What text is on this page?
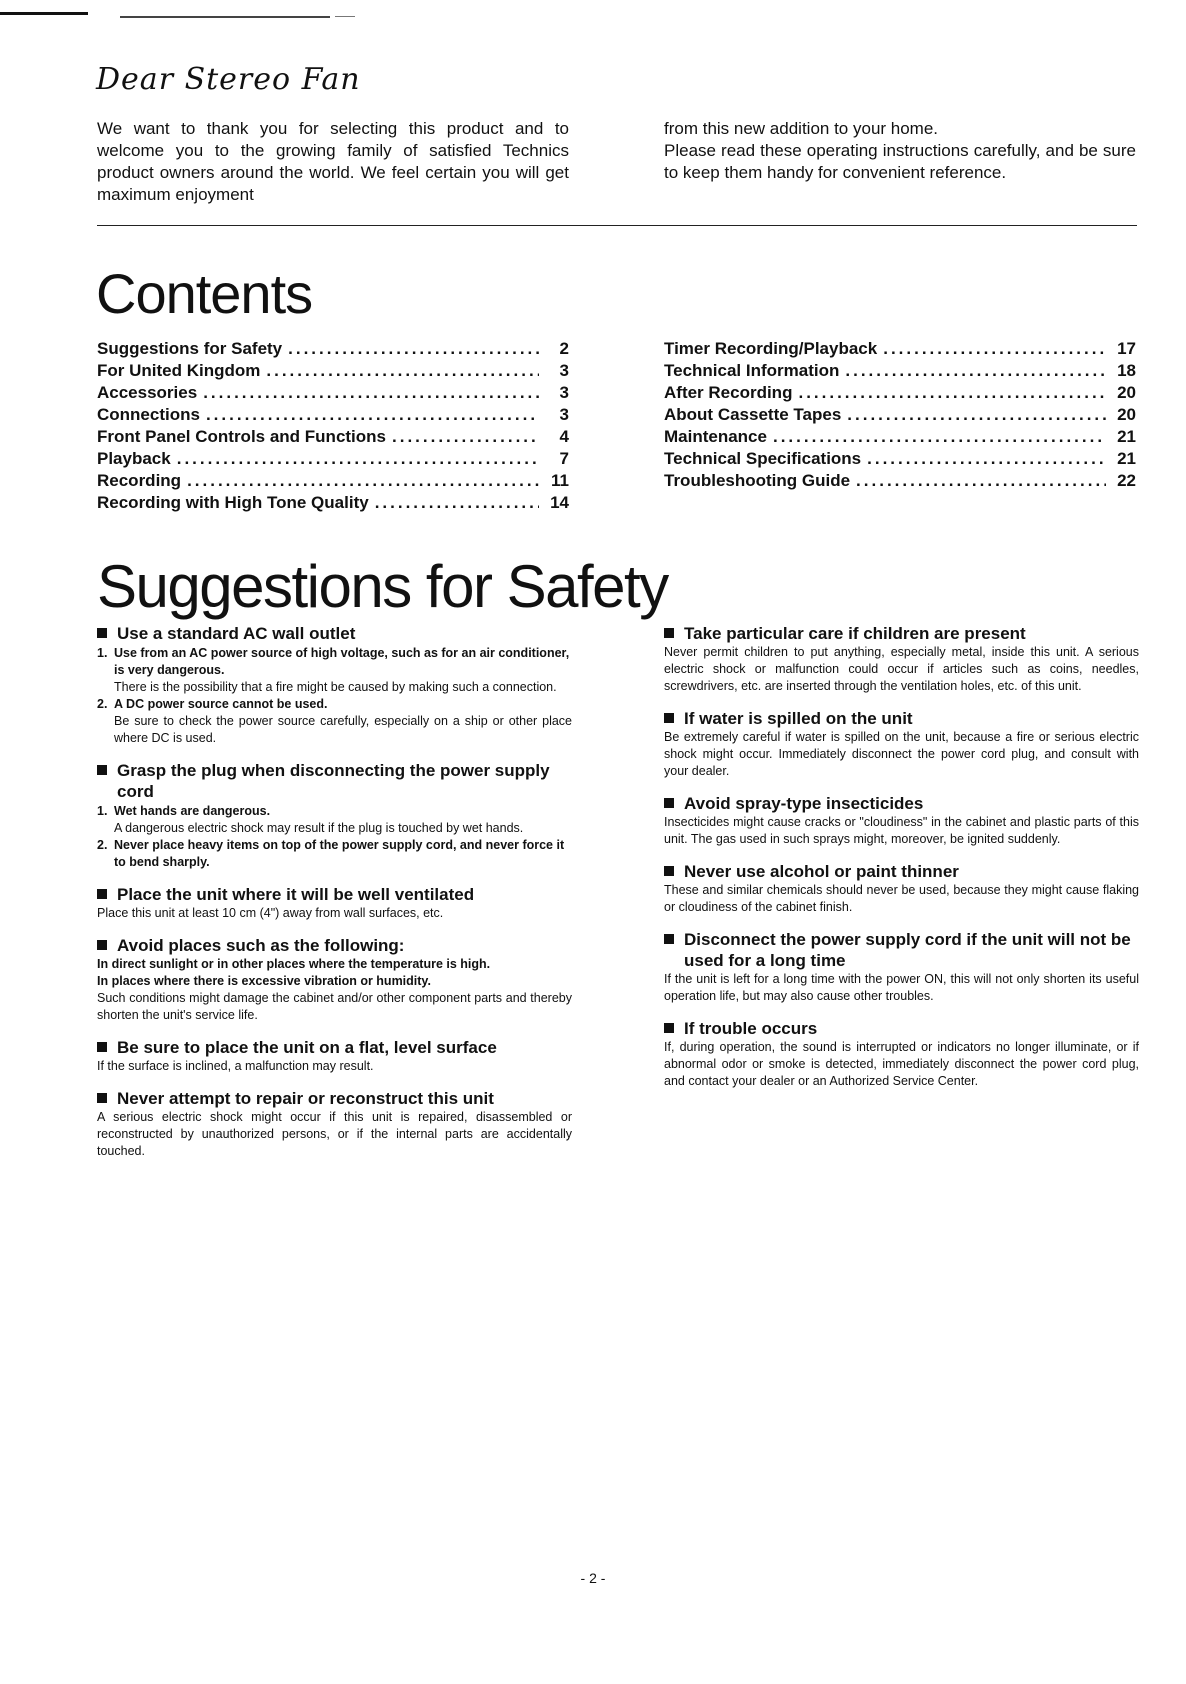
Dear Stereo Fan

We want to thank you for selecting this product and to welcome you to the growing family of satisfied Technics product owners around the world. We feel certain you will get maximum enjoyment

from this new addition to your home.

Please read these operating instructions carefully, and be sure to keep them handy for convenient reference.

Contents
Suggestions for Safety .....	2
For United Kingdom .....	3
Accessories .....	3
Connections .....	3
Front Panel Controls and Functions .....	4
Playback .....	7
Recording .....	11
Recording with High Tone Quality .....	14
Timer Recording/Playback .....	17
Technical Information .....	18
After Recording .....	20
About Cassette Tapes .....	20
Maintenance .....	21
Technical Specifications .....	21
Troubleshooting Guide .....	22
Suggestions for Safety
Use a standard AC wall outlet
1. Use from an AC power source of high voltage, such as for an air conditioner, is very dangerous.
There is the possibility that a fire might be caused by making such a connection.
2. A DC power source cannot be used.
Be sure to check the power source carefully, especially on a ship or other place where DC is used.
Grasp the plug when disconnecting the power supply cord
1. Wet hands are dangerous.
A dangerous electric shock may result if the plug is touched by wet hands.
2. Never place heavy items on top of the power supply cord, and never force it to bend sharply.
Place the unit where it will be well ventilated

Place this unit at least 10 cm (4") away from wall surfaces, etc.

Avoid places such as the following:

In direct sunlight or in other places where the temperature is high.

In places where there is excessive vibration or humidity.

Such conditions might damage the cabinet and/or other component parts and thereby shorten the unit's service life.

Be sure to place the unit on a flat, level surface

If the surface is inclined, a malfunction may result.

Never attempt to repair or reconstruct this unit

A serious electric shock might occur if this unit is repaired, disassembled or reconstructed by unauthorized persons, or if the internal parts are accidentally touched.

Take particular care if children are present

Never permit children to put anything, especially metal, inside this unit. A serious electric shock or malfunction could occur if articles such as coins, needles, screwdrivers, etc. are inserted through the ventilation holes, etc. of this unit.

If water is spilled on the unit

Be extremely careful if water is spilled on the unit, because a fire or serious electric shock might occur. Immediately disconnect the power cord plug, and consult with your dealer.

Avoid spray-type insecticides

Insecticides might cause cracks or "cloudiness" in the cabinet and plastic parts of this unit. The gas used in such sprays might, moreover, be ignited suddenly.

Never use alcohol or paint thinner

These and similar chemicals should never be used, because they might cause flaking or cloudiness of the cabinet finish.

Disconnect the power supply cord if the unit will not be used for a long time

If the unit is left for a long time with the power ON, this will not only shorten its useful operation life, but may also cause other troubles.

If trouble occurs

If, during operation, the sound is interrupted or indicators no longer illuminate, or if abnormal odor or smoke is detected, immediately disconnect the power cord plug, and contact your dealer or an Authorized Service Center.

- 2 -
